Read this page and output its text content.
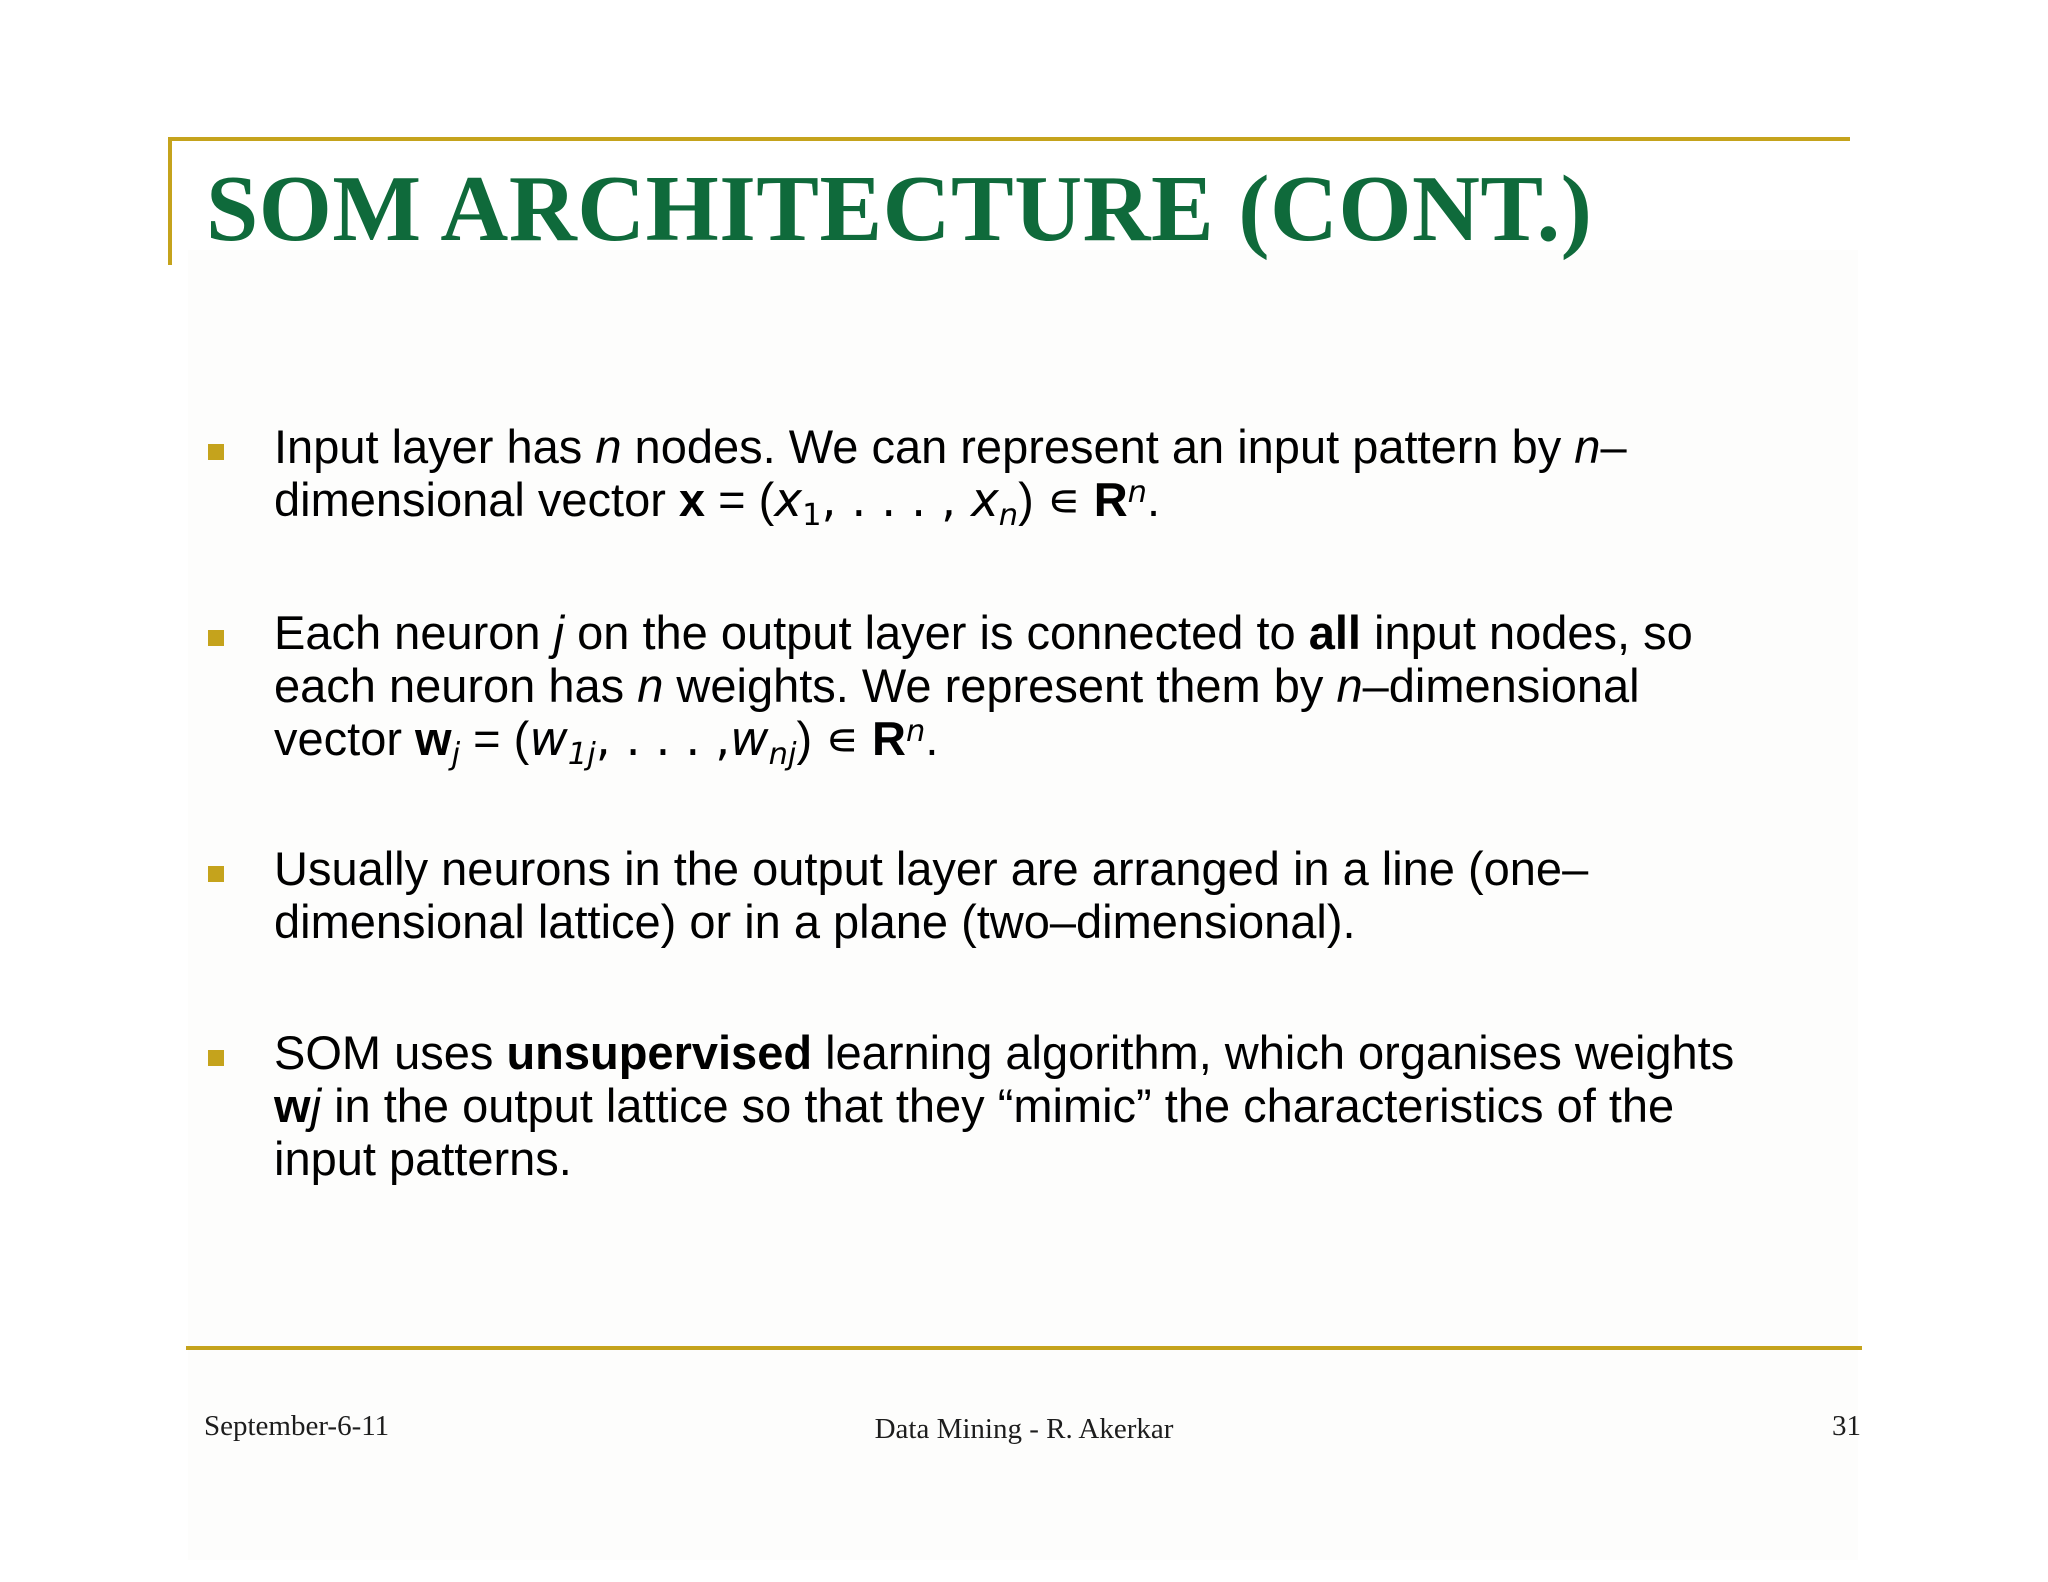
SOM ARCHITECTURE (CONT.)
Input layer has n nodes. We can represent an input pattern by n–
dimensional vector $x = (x_1$, . . . , $x_n$) ∊ $R^n$.
Each neuron j on the output layer is connected to all input nodes, so
each neuron has n weights. We represent them by n–dimensional
vector $w_j = (w_{1j}$, . . . $,w_{nj}$) ∊ $R^n$.
Usually neurons in the output layer are arranged in a line (one–
dimensional lattice) or in a plane (two–dimensional).
SOM uses unsupervised learning algorithm, which organises weights
wj in the output lattice so that they “mimic” the characteristics of the
input patterns.

September-6-11	Data Mining - R. Akerkar	31
